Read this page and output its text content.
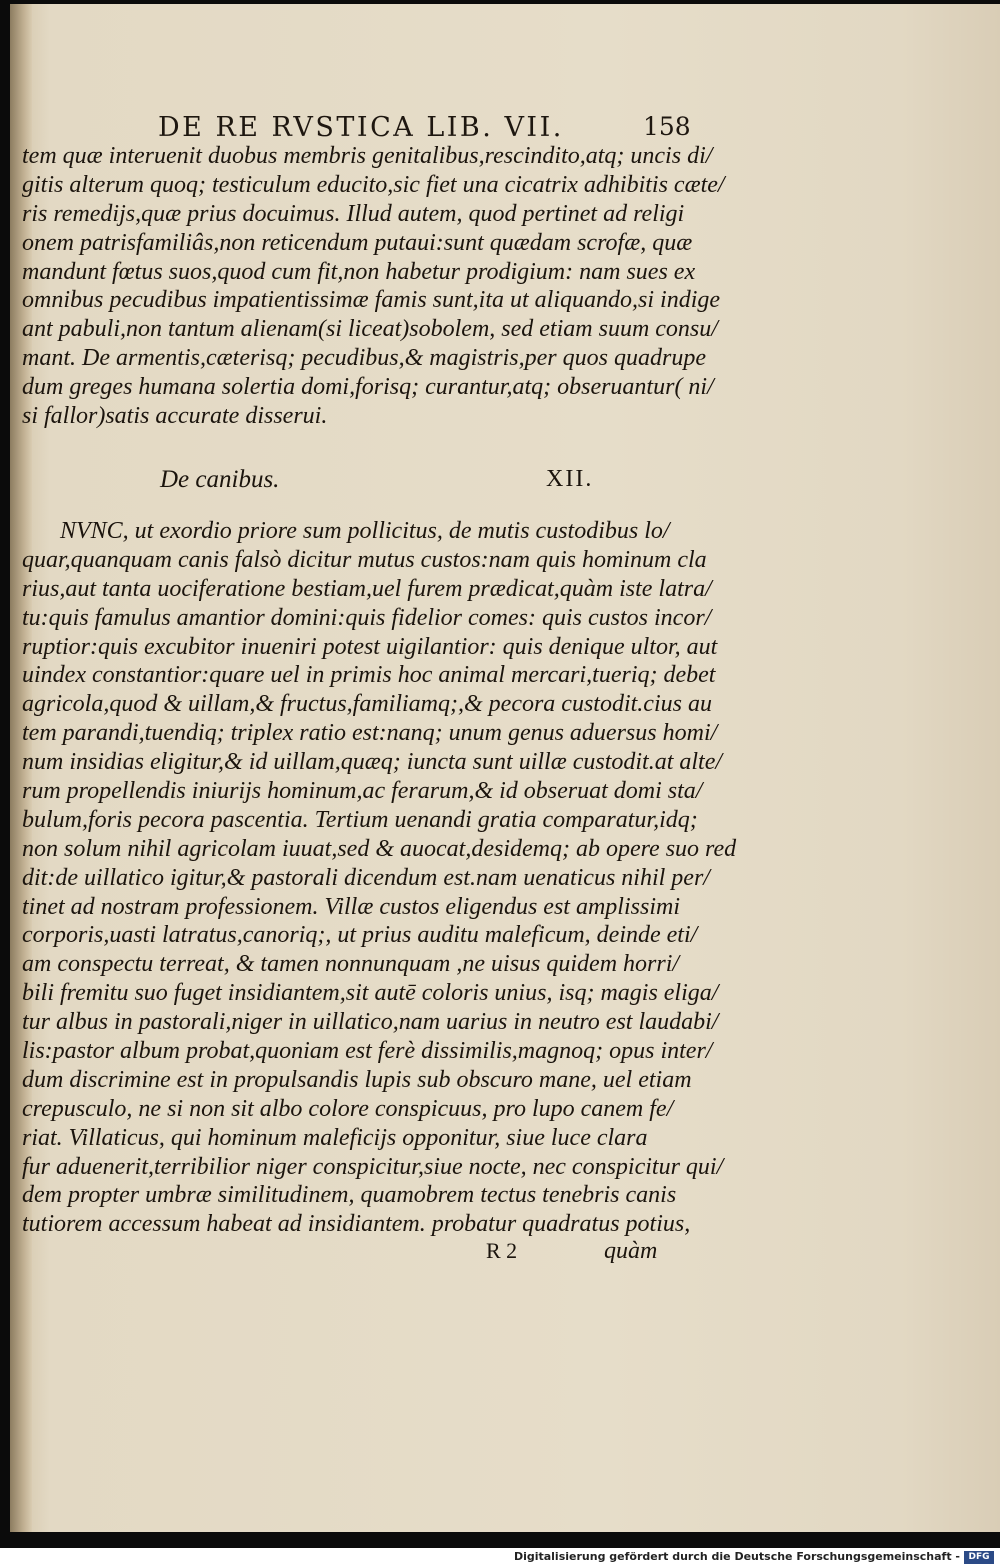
DE RE RVSTICA LIB. VII.	158
tem quæ interuenit duobus membris genitalibus,rescindito,atq; uncis di/
gitis alterum quoq; testiculum educito,sic fiet una cicatrix adhibitis cæte/
ris remedijs,quæ prius docuimus. Illud autem, quod pertinet ad religi
onem patrisfamiliâs,non reticendum putaui:sunt quædam scrofæ, quæ
mandunt fœtus suos,quod cum fit,non habetur prodigium: nam sues ex
omnibus pecudibus impatientissimæ famis sunt,ita ut aliquando,si indige
ant pabuli,non tantum alienam(si liceat)sobolem, sed etiam suum consu/
mant. De armentis,cæterisq; pecudibus,& magistris,per quos quadrupe
dum greges humana solertia domi,forisq; curantur,atq; obseruantur( ni/
si fallor)satis accurate disserui.
De canibus.	XII.
NVNC, ut exordio priore sum pollicitus, de mutis custodibus lo/
quar,quanquam canis falsò dicitur mutus custos:nam quis hominum cla
rius,aut tanta uociferatione bestiam,uel furem prædicat,quàm iste latra/
tu:quis famulus amantior domini:quis fidelior comes: quis custos incor/
ruptior:quis excubitor inueniri potest uigilantior: quis denique ultor, aut
uindex constantior:quare uel in primis hoc animal mercari,tueriq; debet
agricola,quod & uillam,& fructus,familiamq;,& pecora custodit.cius au
tem parandi,tuendiq; triplex ratio est:nanq; unum genus aduersus homi/
num insidias eligitur,& id uillam,quæq; iuncta sunt uillæ custodit.at alte/
rum propellendis iniurijs hominum,ac ferarum,& id obseruat domi sta/
bulum,foris pecora pascentia. Tertium uenandi gratia comparatur,idq;
non solum nihil agricolam iuuat,sed & auocat,desidemq; ab opere suo red
dit:de uillatico igitur,& pastorali dicendum est.nam uenaticus nihil per/
tinet ad nostram professionem. Villæ custos eligendus est amplissimi
corporis,uasti latratus,canoriq;, ut prius auditu maleficum, deinde eti/
am conspectu terreat, & tamen nonnunquam ,ne uisus quidem horri/
bili fremitu suo fuget insidiantem,sit autē coloris unius, isq; magis eliga/
tur albus in pastorali,niger in uillatico,nam uarius in neutro est laudabi/
lis:pastor album probat,quoniam est ferè dissimilis,magnoq; opus inter/
dum discrimine est in propulsandis lupis sub obscuro mane, uel etiam
crepusculo, ne si non sit albo colore conspicuus, pro lupo canem fe/
riat. Villaticus, qui hominum maleficijs opponitur, siue luce clara
fur aduenerit,terribilior niger conspicitur,siue nocte, nec conspicitur qui/
dem propter umbræ similitudinem, quamobrem tectus tenebris canis
tutiorem accessum habeat ad insidiantem. probatur quadratus potius,
R 2	quàm
Digitalisierung gefördert durch die Deutsche Forschungsgemeinschaft - DFG
